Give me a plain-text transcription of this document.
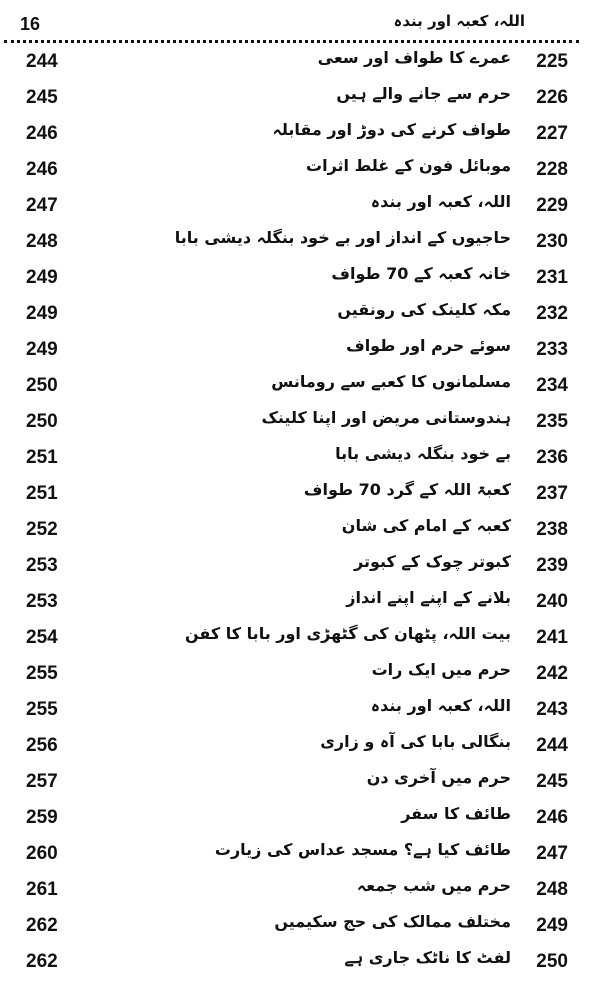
16	اللہ، کعبہ اور بندہ
244	عمرے کا طواف اور سعی	225
245	حرم سے جانے والے ہیں	226
246	طواف کرنے کی دوڑ اور مقابلہ	227
246	موبائل فون کے غلط اثرات	228
247	اللہ، کعبہ اور بندہ	229
248	حاجیوں کے انداز اور بے خود بنگلہ دیشی بابا	230
249	خانہ کعبہ کے 70 طواف	231
249	مکہ کلینک کی رونقیں	232
249	سوئے حرم اور طواف	233
250	مسلمانوں کا کعبے سے رومانس	234
250	ہندوستانی مریض اور اپنا کلینک	235
251	بے خود بنگلہ دیشی بابا	236
251	کعبۃ اللہ کے گرد 70 طواف	237
252	کعبہ کے امام کی شان	238
253	کبوتر چوک کے کبوتر	239
253	بلانے کے اپنے اپنے انداز	240
254	بیت اللہ، پٹھان کی گٹھڑی اور بابا کا کفن	241
255	حرم میں ایک رات	242
255	اللہ، کعبہ اور بندہ	243
256	بنگالی بابا کی آہ و زاری	244
257	حرم میں آخری دن	245
259	طائف کا سفر	246
260	طائف کیا ہے؟ مسجد عداس کی زیارت	247
261	حرم میں شب جمعہ	248
262	مختلف ممالک کی حج سکیمیں	249
262	لفٹ کا ناٹک جاری ہے	250
